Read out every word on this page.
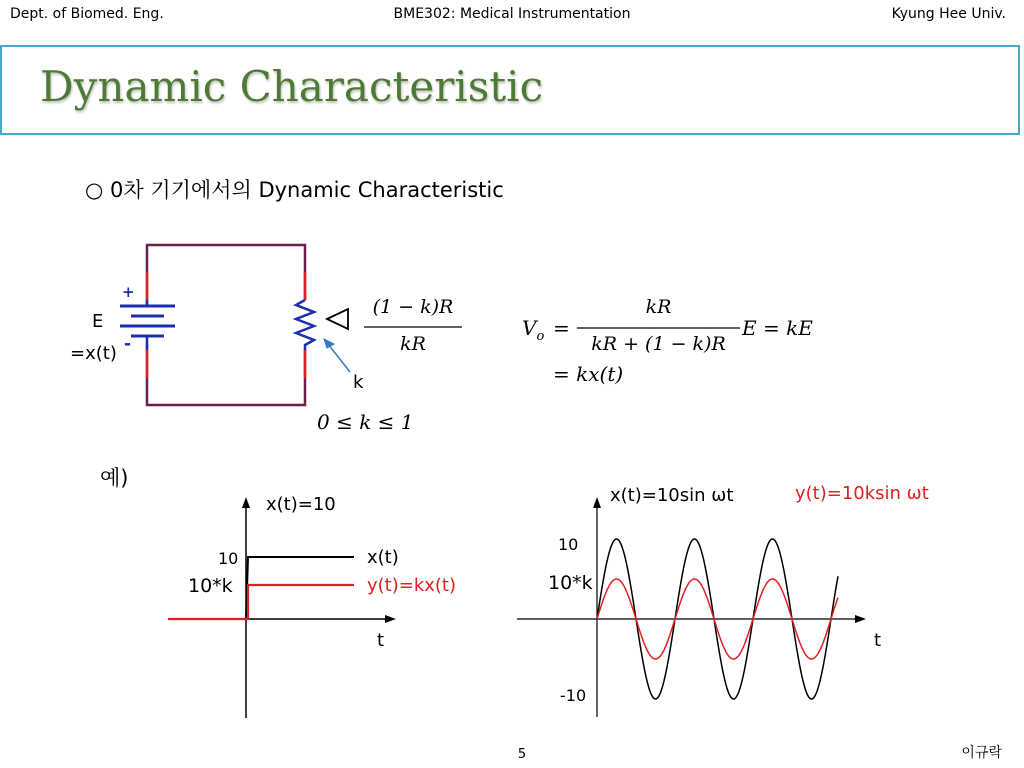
Dept. of Biomed. Eng.	BME302: Medical Instrumentation	Kyung Hee Univ.
Dynamic Characteristic
○ 0차 기기에서의 Dynamic Characteristic
E
=x(t)
+
-
k
(1 − k)R
kR
0 ≤ k ≤ 1
$V_o$ =
kR
kR + (1 − k)R
E = kE
= kx(t)
예)
x(t)=10
10
10*k
x(t)
y(t)=kx(t)
t
x(t)=10sin ωt	y(t)=10ksin ωt
10
10*k
-10
t
5	이규락
